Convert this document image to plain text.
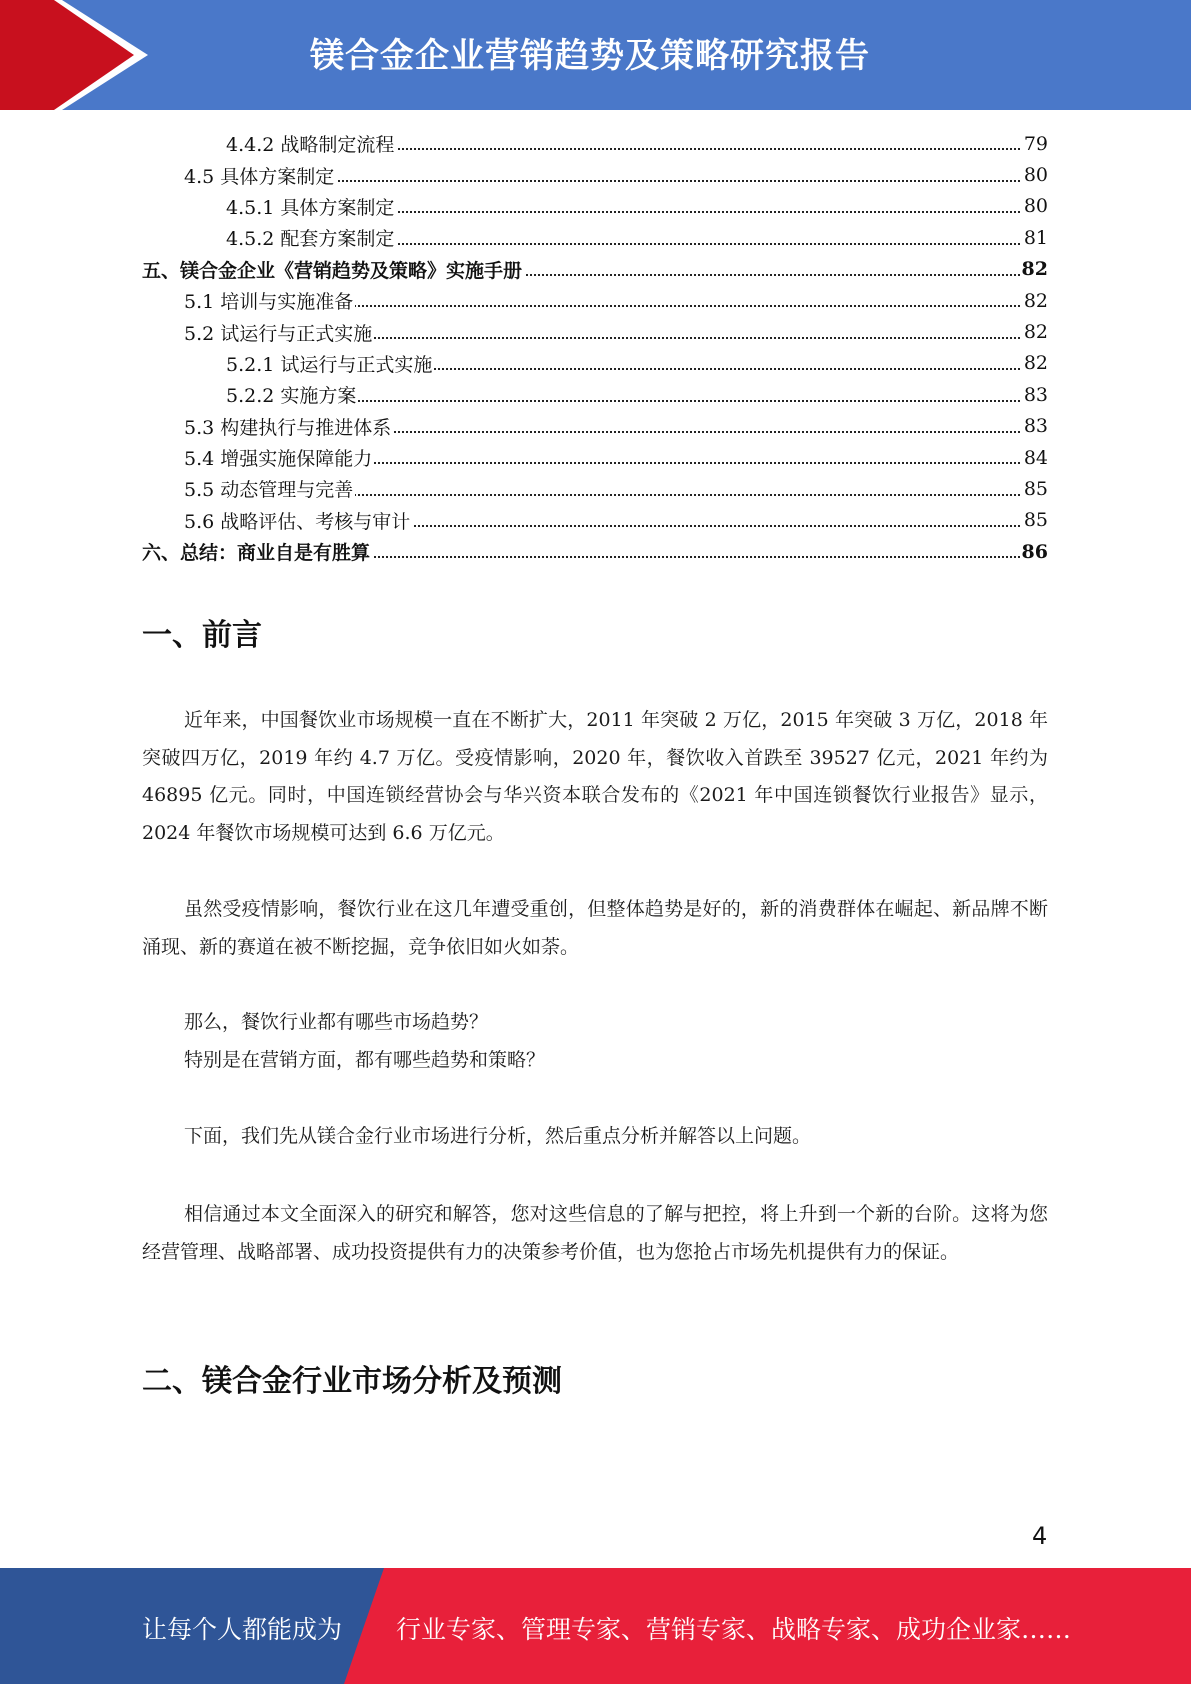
镁合金企业营销趋势及策略研究报告
4.4.2 战略制定流程	79
4.5 具体方案制定	80
4.5.1 具体方案制定	80
4.5.2 配套方案制定	81
五、镁合金企业《营销趋势及策略》实施手册	82
5.1 培训与实施准备	82
5.2 试运行与正式实施	82
5.2.1 试运行与正式实施	82
5.2.2 实施方案	83
5.3 构建执行与推进体系	83
5.4 增强实施保障能力	84
5.5 动态管理与完善	85
5.6 战略评估、考核与审计	85
六、总结：商业自是有胜算	86
一、前言
近年来，中国餐饮业市场规模一直在不断扩大，2011 年突破 2 万亿，2015 年突破 3 万亿，2018 年突破四万亿，2019 年约 4.7 万亿。受疫情影响，2020 年，餐饮收入首跌至 39527 亿元，2021 年约为 46895 亿元。同时，中国连锁经营协会与华兴资本联合发布的《2021 年中国连锁餐饮行业报告》显示，2024 年餐饮市场规模可达到 6.6 万亿元。
虽然受疫情影响，餐饮行业在这几年遭受重创，但整体趋势是好的，新的消费群体在崛起、新品牌不断涌现、新的赛道在被不断挖掘，竞争依旧如火如荼。
那么，餐饮行业都有哪些市场趋势？
特别是在营销方面，都有哪些趋势和策略？
下面，我们先从镁合金行业市场进行分析，然后重点分析并解答以上问题。
相信通过本文全面深入的研究和解答，您对这些信息的了解与把控，将上升到一个新的台阶。这将为您经营管理、战略部署、成功投资提供有力的决策参考价值，也为您抢占市场先机提供有力的保证。
二、镁合金行业市场分析及预测
4
让每个人都能成为 行业专家、管理专家、营销专家、战略专家、成功企业家……
